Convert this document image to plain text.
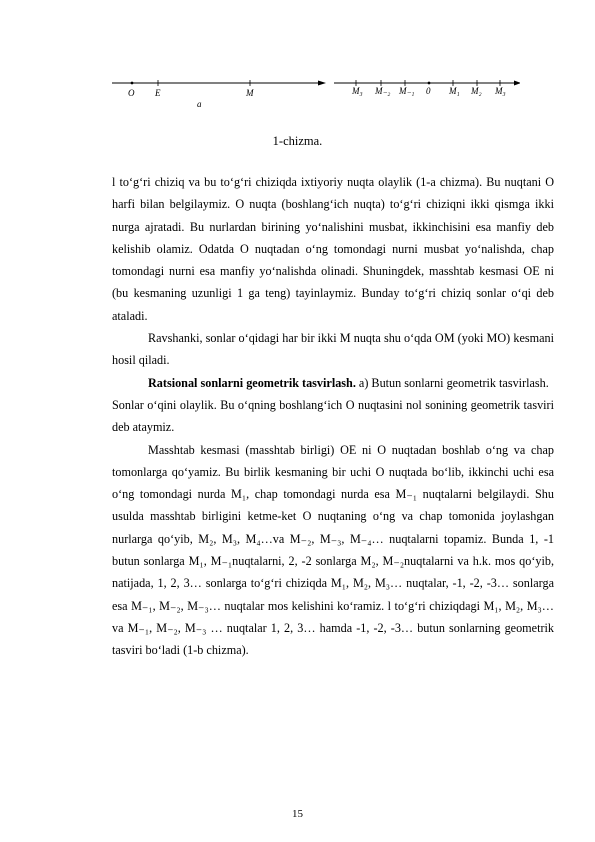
O E	M
a
M₃ M₋₂ M₋₁ 0 M₁ M₂ M₃
1-chizma.

l to‘g‘ri chiziq va bu to‘g‘ri chiziqda ixtiyoriy nuqta olaylik (1-a chizma). Bu nuqtani O harfi bilan belgilaymiz. O nuqta (boshlang‘ich nuqta) to‘g‘ri chiziqni ikki qismga ikki nurga ajratadi. Bu nurlardan birining yo‘nalishini musbat, ikkinchisini esa manfiy deb kelishib olamiz. Odatda O nuqtadan o‘ng tomondagi nurni musbat yo‘nalishda, chap tomondagi nurni esa manfiy yo‘nalishda olinadi. Shuningdek, masshtab kesmasi OE ni (bu kesmaning uzunligi 1 ga teng) tayinlaymiz. Bunday to‘g‘ri chiziq sonlar o‘qi deb ataladi.

Ravshanki, sonlar o‘qidagi har bir ikki M nuqta shu o‘qda OM (yoki MO) kesmani hosil qiladi.

Ratsional sonlarni geometrik tasvirlash. a) Butun sonlarni geometrik tasvirlash.

Sonlar o‘qini olaylik. Bu o‘qning boshlang‘ich O nuqtasini nol sonining geometrik tasviri deb ataymiz.

Masshtab kesmasi (masshtab birligi) OE ni O nuqtadan boshlab o‘ng va chap tomonlarga qo‘yamiz. Bu birlik kesmaning bir uchi O nuqtada bo‘lib, ikkinchi uchi esa o‘ng tomondagi nurda M₁, chap tomondagi nurda esa M₋₁ nuqtalarni belgilaydi. Shu usulda masshtab birligini ketme-ket O nuqtaning o‘ng va chap tomonida joylashgan nurlarga qo‘yib, M₂, M₃, M₄…va M₋₂, M₋₃, M₋₄… nuqtalarni topamiz. Bunda 1, -1 butun sonlarga M₁, M₋₁nuqtalarni, 2, -2 sonlarga M₂, M₋₂nuqtalarni va h.k. mos qo‘yib, natijada, 1, 2, 3… sonlarga to‘g‘ri chiziqda M₁, M₂, M₃… nuqtalar, -1, -2, -3… sonlarga esa M₋₁, M₋₂, M₋₃… nuqtalar mos kelishini ko‘ramiz. l to‘g‘ri chiziqdagi M₁, M₂, M₃… va M₋₁, M₋₂, M₋₃ … nuqtalar 1, 2, 3… hamda -1, -2, -3… butun sonlarning geometrik tasviri bo‘ladi (1-b chizma).

15
